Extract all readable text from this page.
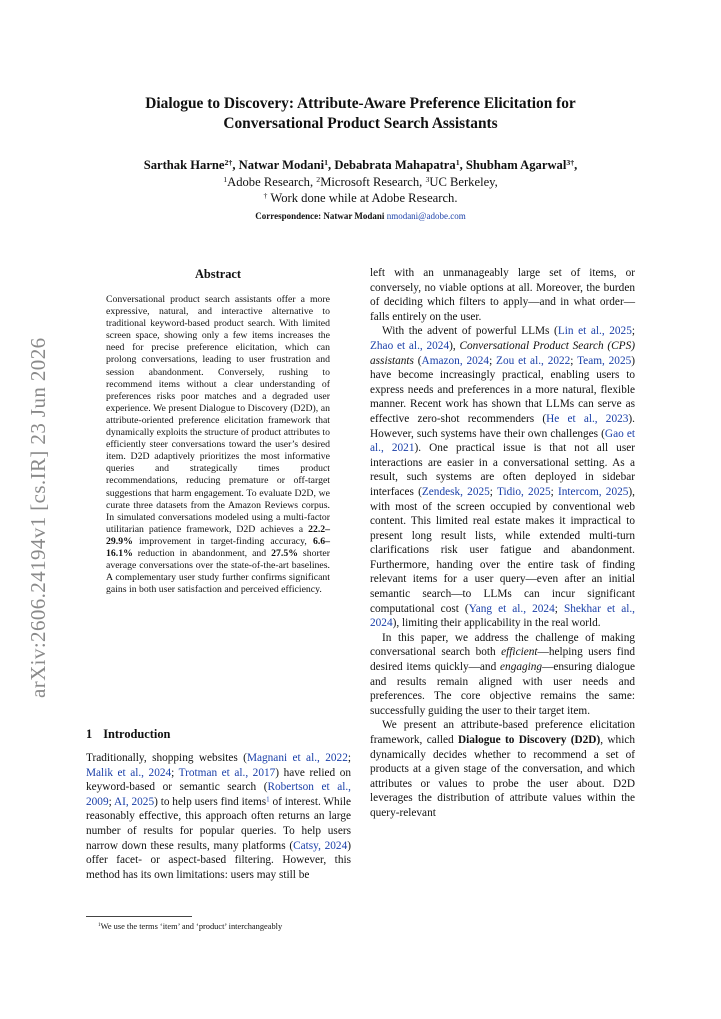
arXiv:2606.24194v1 [cs.IR] 23 Jun 2026
Dialogue to Discovery: Attribute-Aware Preference Elicitation for
Conversational Product Search Assistants
Sarthak Harne$^{2\dagger}$, Natwar Modani$^1$, Debabrata Mahapatra$^1$, Shubham Agarwal$^{3\dagger}$,
$^1$Adobe Research, $^2$Microsoft Research, $^3$UC Berkeley,
† Work done while at Adobe Research.
Correspondence: Natwar Modani nmodani@adobe.com
Abstract
Conversational product search assistants offer a more expressive, natural, and interactive alternative to traditional keyword-based product search. With limited screen space, showing only a few items increases the need for precise preference elicitation, which can prolong conversations, leading to user frustration and session abandonment. Conversely, rushing to recommend items without a clear understanding of preferences risks poor matches and a degraded user experience. We present Dialogue to Discovery (D2D), an attribute-oriented preference elicitation framework that dynamically exploits the structure of product attributes to efficiently steer conversations toward the user’s desired item. D2D adaptively prioritizes the most informative queries and strategically times product recommendations, reducing premature or off-target suggestions that harm engagement. To evaluate D2D, we curate three datasets from the Amazon Reviews corpus. In simulated conversations modeled using a multi-factor utilitarian patience framework, D2D achieves a 22.2–29.9% improvement in target-finding accuracy, 6.6–16.1% reduction in abandonment, and 27.5% shorter average conversations over the state-of-the-art baselines. A complementary user study further confirms significant gains in both user satisfaction and perceived efficiency.
1 Introduction

Traditionally, shopping websites (Magnani et al., 2022; Malik et al., 2024; Trotman et al., 2017) have relied on keyword-based or semantic search (Robertson et al., 2009; AI, 2025) to help users find items$^1$ of interest. While reasonably effective, this approach often returns an large number of results for popular queries. To help users narrow down these results, many platforms (Catsy, 2024) offer facet- or aspect-based filtering. However, this method has its own limitations: users may still be

left with an unmanageably large set of items, or conversely, no viable options at all. Moreover, the burden of deciding which filters to apply—and in what order—falls entirely on the user.

With the advent of powerful LLMs (Lin et al., 2025; Zhao et al., 2024), Conversational Product Search (CPS) assistants (Amazon, 2024; Zou et al., 2022; Team, 2025) have become increasingly practical, enabling users to express needs and preferences in a more natural, flexible manner. Recent work has shown that LLMs can serve as effective zero-shot recommenders (He et al., 2023). However, such systems have their own challenges (Gao et al., 2021). One practical issue is that not all user interactions are easier in a conversational setting. As a result, such systems are often deployed in sidebar interfaces (Zendesk, 2025; Tidio, 2025; Intercom, 2025), with most of the screen occupied by conventional web content. This limited real estate makes it impractical to present long result lists, while extended multi-turn clarifications risk user fatigue and abandonment. Furthermore, handing over the entire task of finding relevant items for a user query—even after an initial semantic search—to LLMs can incur significant computational cost (Yang et al., 2024; Shekhar et al., 2024), limiting their applicability in the real world.

In this paper, we address the challenge of making conversational search both efficient—helping users find desired items quickly—and engaging—ensuring dialogue and results remain aligned with user needs and preferences. The core objective remains the same: successfully guiding the user to their target item.

We present an attribute-based preference elicitation framework, called Dialogue to Discovery (D2D), which dynamically decides whether to recommend a set of products at a given stage of the conversation, and which attributes or values to probe the user about. D2D leverages the distribution of attribute values within the query-relevant

$^1$We use the terms ‘item’ and ‘product’ interchangeably
